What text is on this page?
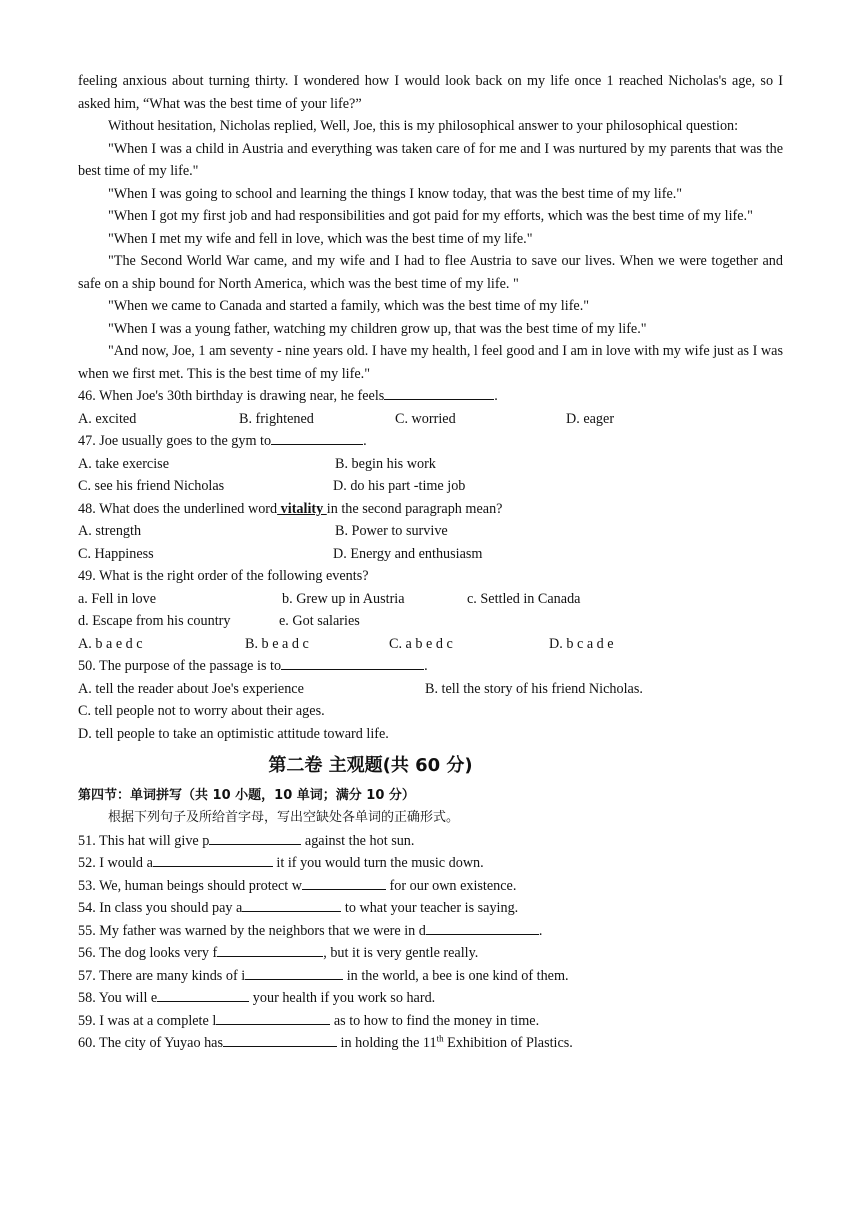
feeling anxious about turning thirty. I wondered how I would look back on my life once 1 reached Nicholas's age, so I asked him, “What was the best time of your life?”

Without hesitation, Nicholas replied, Well, Joe, this is my philosophical answer to your philosophical question:

"When I was a child in Austria and everything was taken care of for me and I was nurtured by my parents that was the best time of my life."

"When I was going to school and learning the things I know today, that was the best time of my life."

"When I got my first job and had responsibilities and got paid for my efforts, which was the best time of my life."

"When I met my wife and fell in love, which was the best time of my life."

"The Second World War came, and my wife and I had to flee Austria to save our lives. When we were together and safe on a ship bound for North America, which was the best time of my life. "

"When we came to Canada and started a family, which was the best time of my life."

"When I was a young father, watching my children grow up, that was the best time of my life."

"And now, Joe, 1 am seventy - nine years old. I have my health, l feel good and I am in love with my wife just as I was when we first met. This is the best time of my life."

46. When Joe's 30th birthday is drawing near, he feels	.

A. excited	B. frightened	C. worried	D. eager

47. Joe usually goes to the gym to	.

A. take exercise	B. begin his work
C. see his friend Nicholas	D. do his part -time job

48. What does the underlined word vitality in the second paragraph mean?

A. strength	B. Power to survive
C. Happiness	D. Energy and enthusiasm

49. What is the right order of the following events?

a. Fell in love	b. Grew up in Austria	c. Settled in Canada
d. Escape from his country	e. Got salaries
A. b a e d c	B. b e a d c	C. a b e d c	D. b c a d e

50. The purpose of the passage is to	.

A. tell the reader about Joe's experience	B. tell the story of his friend Nicholas.

C. tell people not to worry about their ages.

D. tell people to take an optimistic attitude toward life.

第二卷 主观题(共 60 分)

第四节：单词拼写（共 10 小题，10 单词；满分 10 分）

根据下列句子及所给首字母，写出空缺处各单词的正确形式。

51. This hat will give p	against the hot sun.

52. I would a	it if you would turn the music down.

53. We, human beings should protect w	for our own existence.

54. In class you should pay a	to what your teacher is saying.

55. My father was warned by the neighbors that we were in d	.

56. The dog looks very f	, but it is very gentle really.

57. There are many kinds of i	in the world, a bee is one kind of them.

58. You will e	your health if you work so hard.

59. I was at a complete l	as to how to find the money in time.

60. The city of Yuyao has	in holding the 11th Exhibition of Plastics.
